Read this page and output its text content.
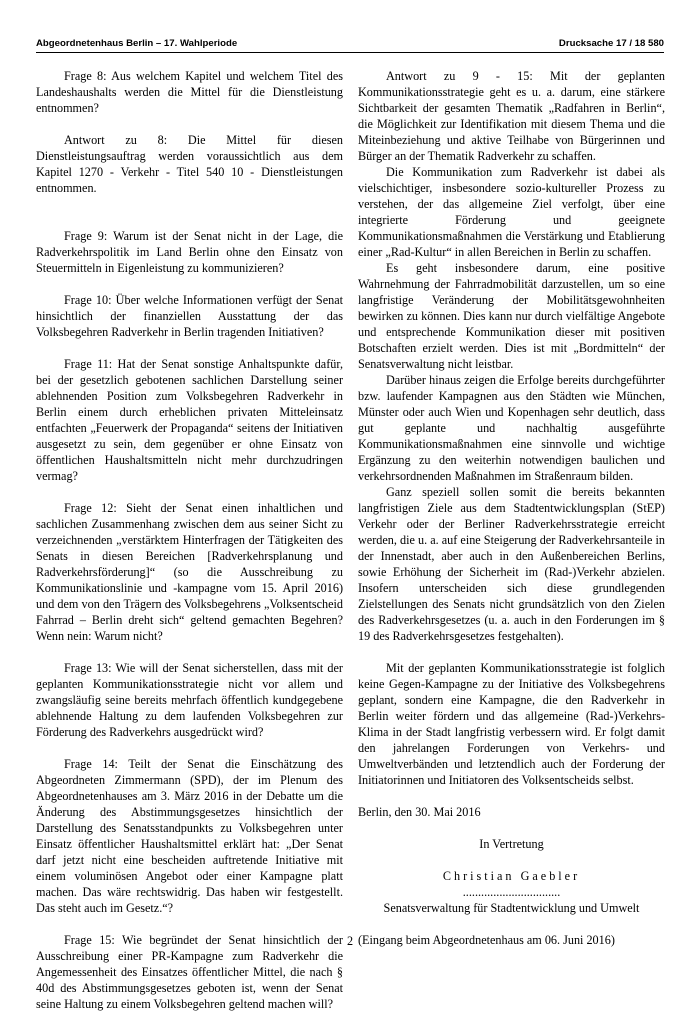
Abgeordnetenhaus Berlin – 17. Wahlperiode	Drucksache 17 / 18 580

Frage 8: Aus welchem Kapitel und welchem Titel des Landeshaushalts werden die Mittel für die Dienstleistung entnommen?

Antwort zu 8: Die Mittel für diesen Dienstleistungsauftrag werden voraussichtlich aus dem Kapitel 1270 - Verkehr - Titel 540 10 - Dienstleistungen entnommen.

Frage 9: Warum ist der Senat nicht in der Lage, die Radverkehrspolitik im Land Berlin ohne den Einsatz von Steuermitteln in Eigenleistung zu kommunizieren?

Frage 10: Über welche Informationen verfügt der Senat hinsichtlich der finanziellen Ausstattung der das Volksbegehren Radverkehr in Berlin tragenden Initiativen?

Frage 11: Hat der Senat sonstige Anhaltspunkte dafür, bei der gesetzlich gebotenen sachlichen Darstellung seiner ablehnenden Position zum Volksbegehren Radverkehr in Berlin einem durch erheblichen privaten Mitteleinsatz entfachten „Feuerwerk der Propaganda“ seitens der Initiativen ausgesetzt zu sein, dem gegenüber er ohne Einsatz von öffentlichen Haushaltsmitteln nicht mehr durchzudringen vermag?

Frage 12: Sieht der Senat einen inhaltlichen und sachlichen Zusammenhang zwischen dem aus seiner Sicht zu verzeichnenden „verstärktem Hinterfragen der Tätigkeiten des Senats in diesen Bereichen [Radverkehrsplanung und Radverkehrsförderung]“ (so die Ausschreibung zu Kommunikationslinie und -kampagne vom 15. April 2016) und dem von den Trägern des Volksbegehrens „Volksentscheid Fahrrad – Berlin dreht sich“ geltend gemachten Begehren? Wenn nein: Warum nicht?

Frage 13: Wie will der Senat sicherstellen, dass mit der geplanten Kommunikationsstrategie nicht vor allem und zwangsläufig seine bereits mehrfach öffentlich kundgegebene ablehnende Haltung zu dem laufenden Volksbegehren zur Förderung des Radverkehrs ausgedrückt wird?

Frage 14: Teilt der Senat die Einschätzung des Abgeordneten Zimmermann (SPD), der im Plenum des Abgeordnetenhauses am 3. März 2016 in der Debatte um die Änderung des Abstimmungsgesetzes hinsichtlich der Darstellung des Senatsstandpunkts zu Volksbegehren unter Einsatz öffentlicher Haushaltsmittel erklärt hat: „Der Senat darf jetzt nicht eine bescheiden auftretende Initiative mit einem voluminösen Angebot oder einer Kampagne platt machen. Das wäre rechtswidrig. Das haben wir festgestellt. Das steht auch im Gesetz.“?

Frage 15: Wie begründet der Senat hinsichtlich der Ausschreibung einer PR-Kampagne zum Radverkehr die Angemessenheit des Einsatzes öffentlicher Mittel, die nach § 40d des Abstimmungsgesetzes geboten ist, wenn der Senat seine Haltung zu einem Volksbegehren geltend machen will?

Antwort zu 9 - 15: Mit der geplanten Kommunikationsstrategie geht es u. a. darum, eine stärkere Sichtbarkeit der gesamten Thematik „Radfahren in Berlin“, die Möglichkeit zur Identifikation mit diesem Thema und die Miteinbeziehung und aktive Teilhabe von Bürgerinnen und Bürger an der Thematik Radverkehr zu schaffen.

Die Kommunikation zum Radverkehr ist dabei als vielschichtiger, insbesondere sozio-kultureller Prozess zu verstehen, der das allgemeine Ziel verfolgt, über eine integrierte Förderung und geeignete Kommunikationsmaßnahmen die Verstärkung und Etablierung einer „Rad-Kultur“ in allen Bereichen in Berlin zu schaffen.

Es geht insbesondere darum, eine positive Wahrnehmung der Fahrradmobilität darzustellen, um so eine langfristige Veränderung der Mobilitätsgewohnheiten bewirken zu können. Dies kann nur durch vielfältige Angebote und entsprechende Kommunikation dieser mit positiven Botschaften erzielt werden. Dies ist mit „Bordmitteln“ der Senatsverwaltung nicht leistbar.

Darüber hinaus zeigen die Erfolge bereits durchgeführter bzw. laufender Kampagnen aus den Städten wie München, Münster oder auch Wien und Kopenhagen sehr deutlich, dass gut geplante und nachhaltig ausgeführte Kommunikationsmaßnahmen eine sinnvolle und wichtige Ergänzung zu den weiterhin notwendigen baulichen und verkehrsordnenden Maßnahmen im Straßenraum bilden.

Ganz speziell sollen somit die bereits bekannten langfristigen Ziele aus dem Stadtentwicklungsplan (StEP) Verkehr oder der Berliner Radverkehrsstrategie erreicht werden, die u. a. auf eine Steigerung der Radverkehrsanteile in der Innenstadt, aber auch in den Außenbereichen Berlins, sowie Erhöhung der Sicherheit im (Rad-)Verkehr abzielen. Insofern unterscheiden sich diese grundlegenden Zielstellungen des Senats nicht grundsätzlich von den Zielen des Radverkehrsgesetzes (u. a. auch in den Forderungen im § 19 des Radverkehrsgesetzes festgehalten).

Mit der geplanten Kommunikationsstrategie ist folglich keine Gegen-Kampagne zu der Initiative des Volksbegehrens geplant, sondern eine Kampagne, die den Radverkehr in Berlin weiter fördern und das allgemeine (Rad-)Verkehrs-Klima in der Stadt langfristig verbessern wird. Er folgt damit den jahrelangen Forderungen von Verkehrs- und Umweltverbänden und letztendlich auch der Forderung der Initiatorinnen und Initiatoren des Volksentscheids selbst.

Berlin, den 30. Mai 2016

In Vertretung

Christian Gaebler

................................

Senatsverwaltung für Stadtentwicklung und Umwelt

(Eingang beim Abgeordnetenhaus am 06. Juni 2016)

2
